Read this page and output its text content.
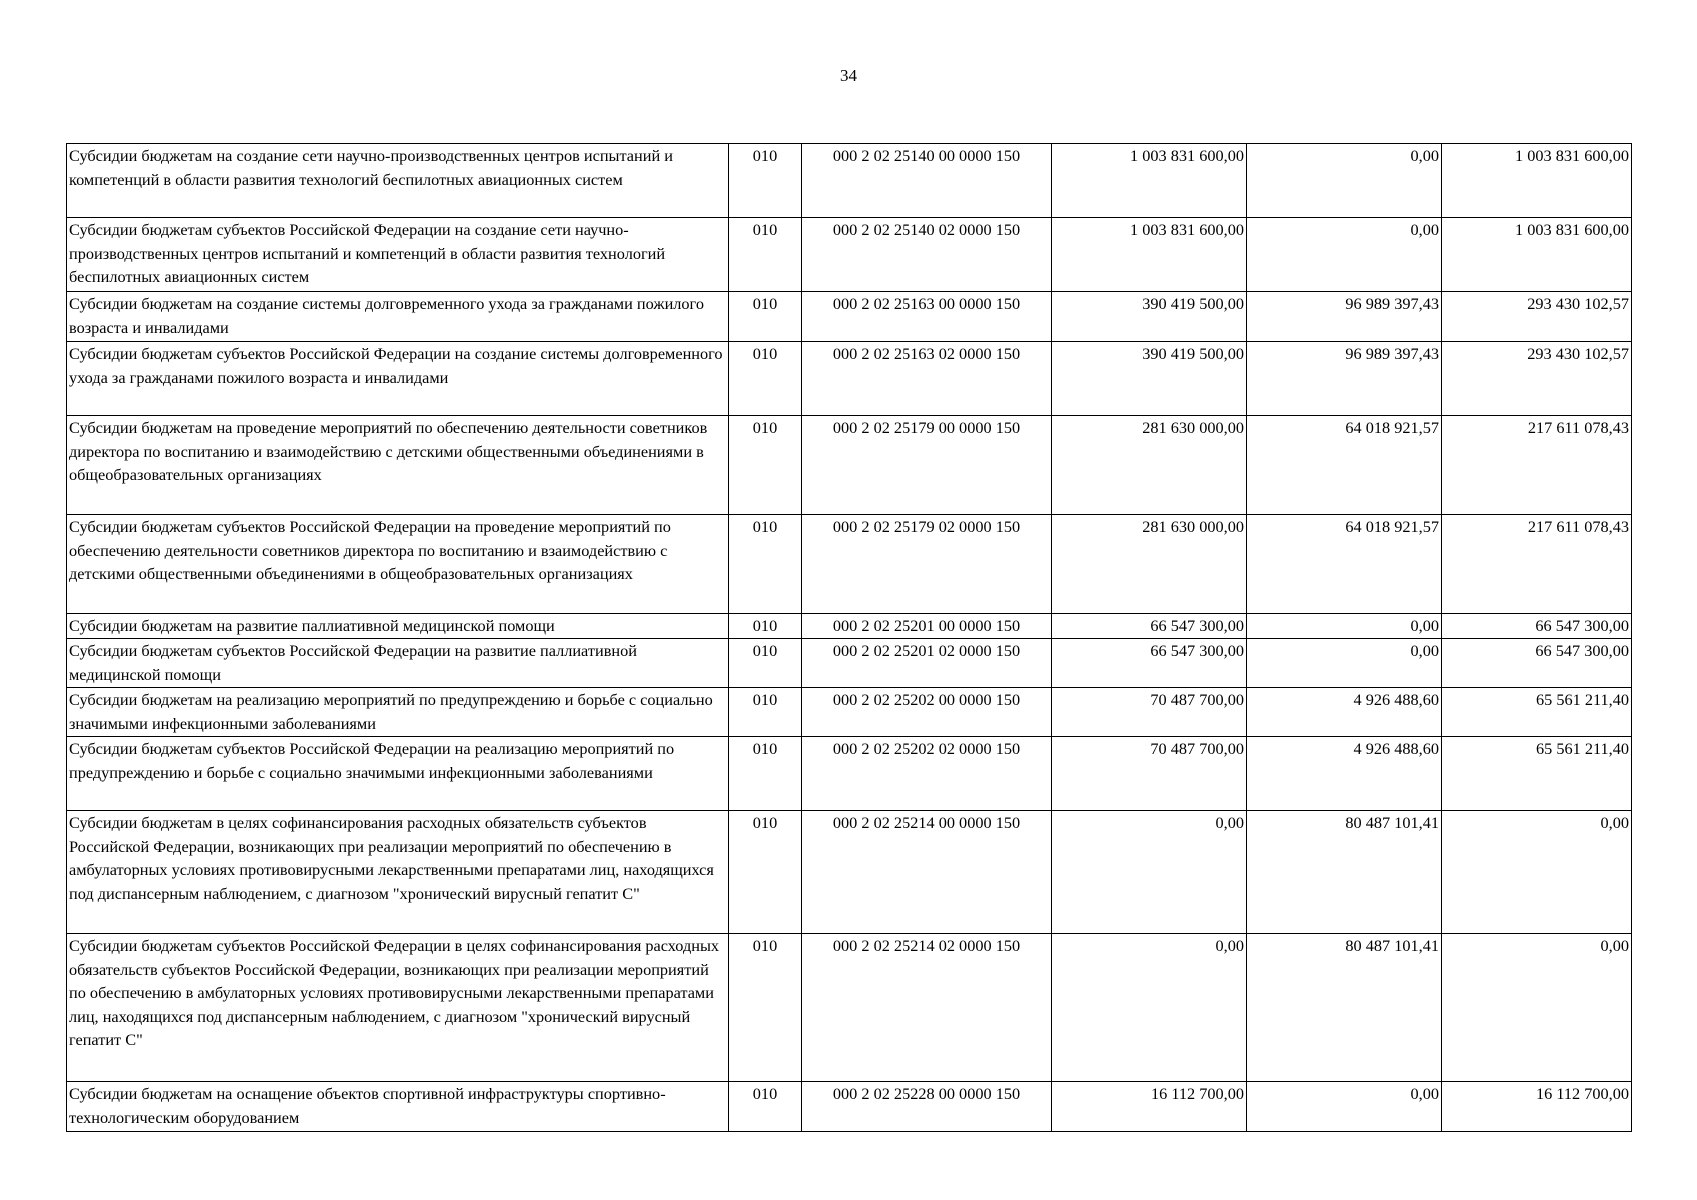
34
Субсидии бюджетам на создание сети научно-производственных центров испытаний и компетенций в области развития технологий беспилотных авиационных систем	010	000 2 02 25140 00 0000 150	1 003 831 600,00	0,00	1 003 831 600,00
Субсидии бюджетам субъектов Российской Федерации на создание сети научно-производственных центров испытаний и компетенций в области развития технологий беспилотных авиационных систем	010	000 2 02 25140 02 0000 150	1 003 831 600,00	0,00	1 003 831 600,00
Субсидии бюджетам на создание системы долговременного ухода за гражданами пожилого возраста и инвалидами	010	000 2 02 25163 00 0000 150	390 419 500,00	96 989 397,43	293 430 102,57
Субсидии бюджетам субъектов Российской Федерации на создание системы долговременного ухода за гражданами пожилого возраста и инвалидами	010	000 2 02 25163 02 0000 150	390 419 500,00	96 989 397,43	293 430 102,57
Субсидии бюджетам на проведение мероприятий по обеспечению деятельности советников директора по воспитанию и взаимодействию с детскими общественными объединениями в общеобразовательных организациях	010	000 2 02 25179 00 0000 150	281 630 000,00	64 018 921,57	217 611 078,43
Субсидии бюджетам субъектов Российской Федерации на проведение мероприятий по обеспечению деятельности советников директора по воспитанию и взаимодействию с детскими общественными объединениями в общеобразовательных организациях	010	000 2 02 25179 02 0000 150	281 630 000,00	64 018 921,57	217 611 078,43
Субсидии бюджетам на развитие паллиативной медицинской помощи	010	000 2 02 25201 00 0000 150	66 547 300,00	0,00	66 547 300,00
Субсидии бюджетам субъектов Российской Федерации на развитие паллиативной медицинской помощи	010	000 2 02 25201 02 0000 150	66 547 300,00	0,00	66 547 300,00
Субсидии бюджетам на реализацию мероприятий по предупреждению и борьбе с социально значимыми инфекционными заболеваниями	010	000 2 02 25202 00 0000 150	70 487 700,00	4 926 488,60	65 561 211,40
Субсидии бюджетам субъектов Российской Федерации на реализацию мероприятий по предупреждению и борьбе с социально значимыми инфекционными заболеваниями	010	000 2 02 25202 02 0000 150	70 487 700,00	4 926 488,60	65 561 211,40
Субсидии бюджетам в целях софинансирования расходных обязательств субъектов Российской Федерации, возникающих при реализации мероприятий по обеспечению в амбулаторных условиях противовирусными лекарственными препаратами лиц, находящихся под диспансерным наблюдением, с диагнозом "хронический вирусный гепатит С"	010	000 2 02 25214 00 0000 150	0,00	80 487 101,41	0,00
Субсидии бюджетам субъектов Российской Федерации в целях софинансирования расходных обязательств субъектов Российской Федерации, возникающих при реализации мероприятий по обеспечению в амбулаторных условиях противовирусными лекарственными препаратами лиц, находящихся под диспансерным наблюдением, с диагнозом "хронический вирусный гепатит С"	010	000 2 02 25214 02 0000 150	0,00	80 487 101,41	0,00
Субсидии бюджетам на оснащение объектов спортивной инфраструктуры спортивно-технологическим оборудованием	010	000 2 02 25228 00 0000 150	16 112 700,00	0,00	16 112 700,00
